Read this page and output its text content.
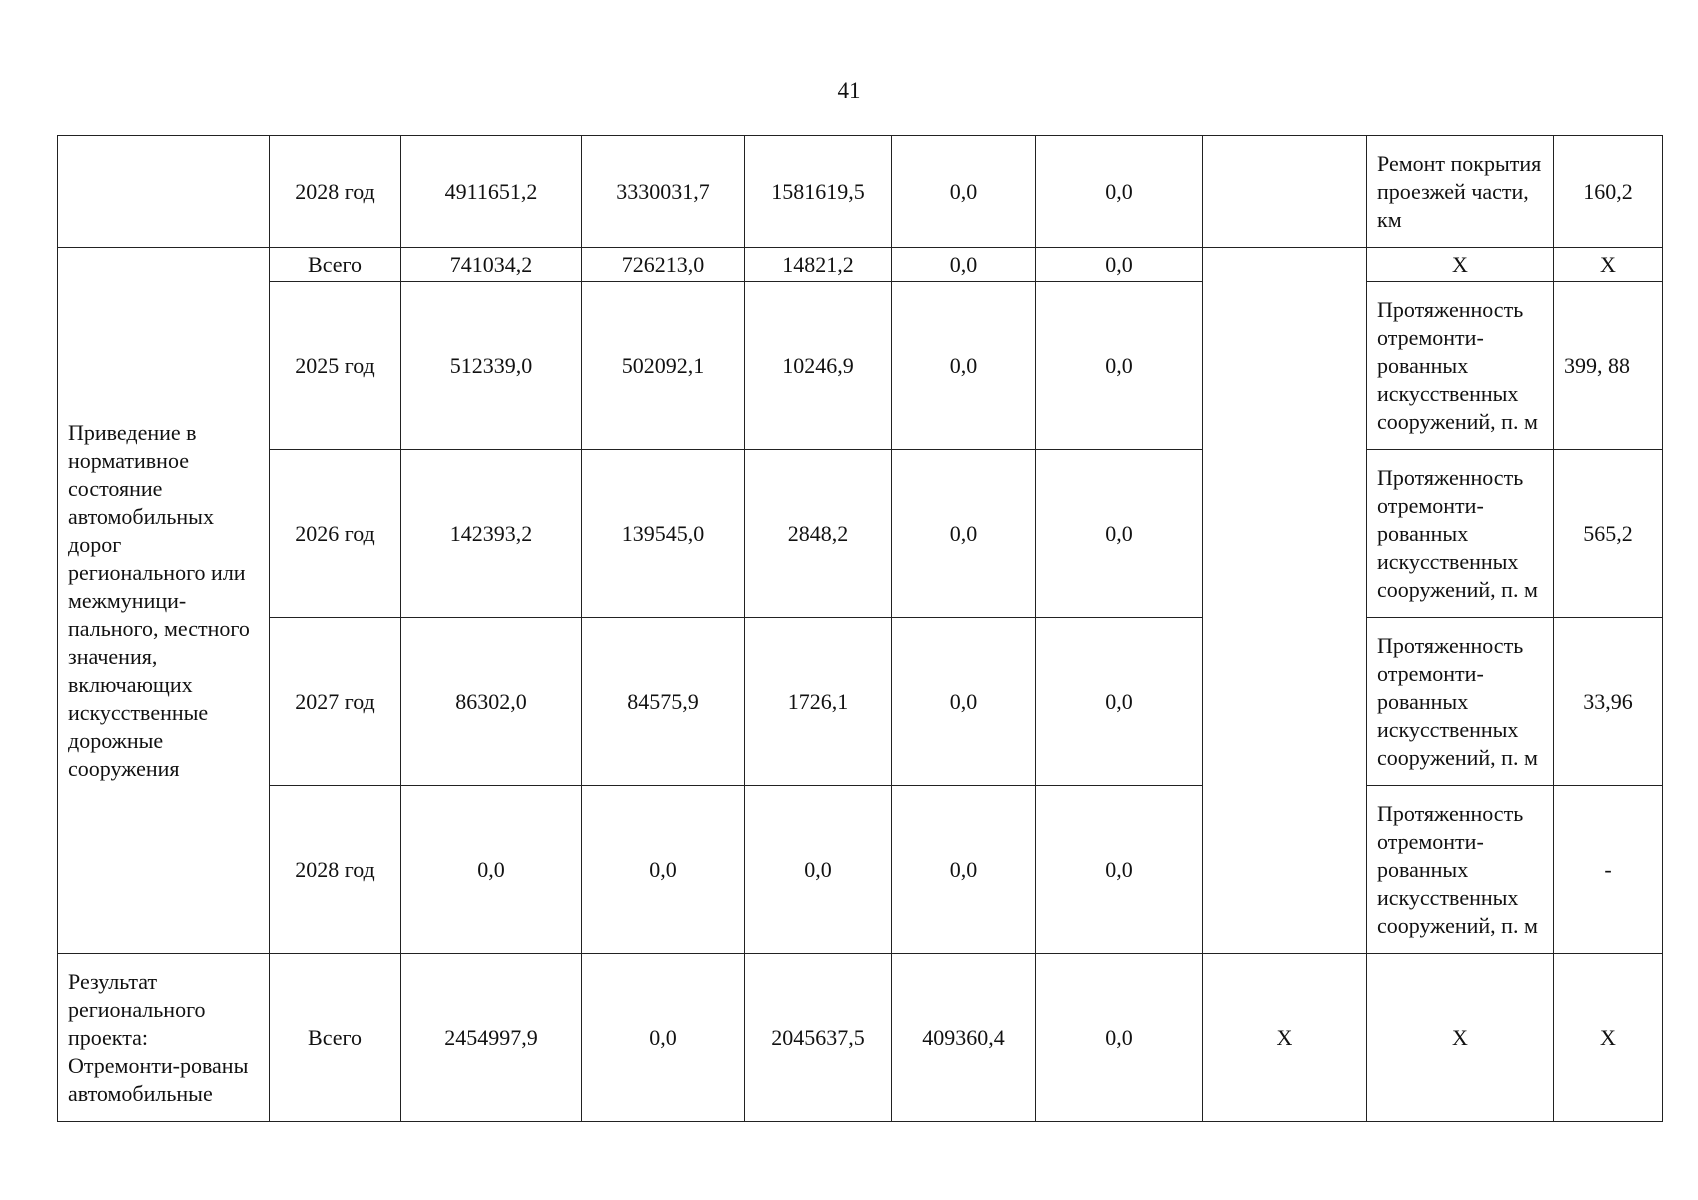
41
	2028 год	4911651,2	3330031,7	1581619,5	0,0	0,0		Ремонт покрытия проезжей части, км	160,2
Приведение в нормативное состояние автомобильных дорог регионального или межмуници-пального, местного значения, включающих искусственные дорожные сооружения	Всего	741034,2	726213,0	14821,2	0,0	0,0		Х	Х
	2025 год	512339,0	502092,1	10246,9	0,0	0,0		Протяженность отремонти-рованных искусственных сооружений, п. м	399, 88
	2026 год	142393,2	139545,0	2848,2	0,0	0,0		Протяженность отремонти-рованных искусственных сооружений, п. м	565,2
	2027 год	86302,0	84575,9	1726,1	0,0	0,0		Протяженность отремонти-рованных искусственных сооружений, п. м	33,96
	2028 год	0,0	0,0	0,0	0,0	0,0		Протяженность отремонти-рованных искусственных сооружений, п. м	-
Результат регионального проекта: Отремонти-рованы автомобильные	Всего	2454997,9	0,0	2045637,5	409360,4	0,0	Х	Х	Х
